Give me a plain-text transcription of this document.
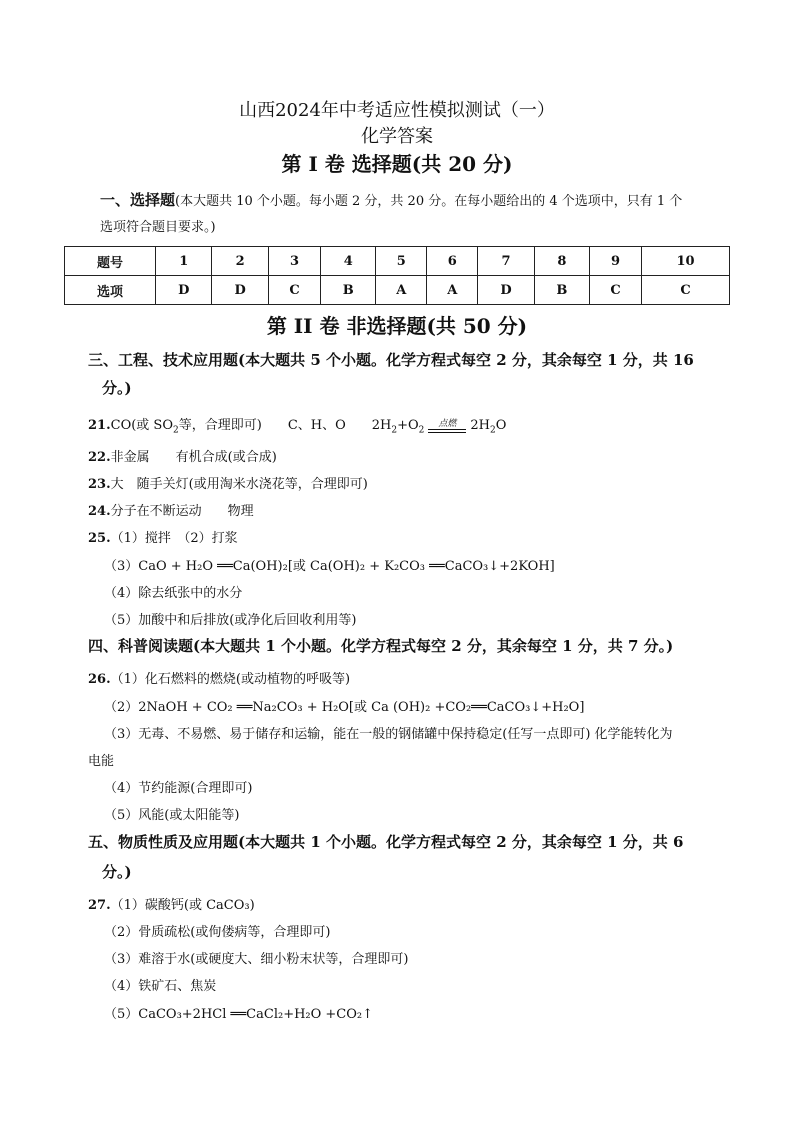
山西2024年中考适应性模拟测试（一）
化学答案
第 I 卷 选择题(共 20 分)
一、选择题(本大题共 10 个小题。每小题 2 分，共 20 分。在每小题给出的 4 个选项中，只有 1 个
选项符合题目要求。)
题号	1	2	3	4	5	6	7	8	9	10
选项	D	D	C	B	A	A	D	B	C	C
第 II 卷 非选择题(共 50 分)
三、工程、技术应用题(本大题共 5 个小题。化学方程式每空 2 分，其余每空 1 分，共 16
分。)
21.CO(或 $SO_2$等，合理即可) C、H、O $2H_2+O_2$
点燃	$2H_2O$
22.非金属　　有机合成(或合成)
23.大　随手关灯(或用淘米水浇花等，合理即可)
24.分子在不断运动　　物理
25.（1）搅拌　（2）打浆
（3）CaO + H₂O ══Ca(OH)₂[或 Ca(OH)₂ + K₂CO₃ ══CaCO₃↓+2KOH]
（4）除去纸张中的水分
（5）加酸中和后排放(或净化后回收利用等)
四、科普阅读题(本大题共 1 个小题。化学方程式每空 2 分，其余每空 1 分，共 7 分。)
26.（1）化石燃料的燃烧(或动植物的呼吸等)
（2）2NaOH + CO₂ ══Na₂CO₃ + H₂O[或 Ca (OH)₂ +CO₂══CaCO₃↓+H₂O]
（3）无毒、不易燃、易于储存和运输，能在一般的钢储罐中保持稳定(任写一点即可) 化学能转化为
电能
（4）节约能源(合理即可)
（5）风能(或太阳能等)
五、物质性质及应用题(本大题共 1 个小题。化学方程式每空 2 分，其余每空 1 分，共 6
分。)
27.（1）碳酸钙(或 CaCO₃)
（2）骨质疏松(或佝偻病等，合理即可)
（3）难溶于水(或硬度大、细小粉末状等，合理即可)
（4）铁矿石、焦炭
（5）CaCO₃+2HCl ══CaCl₂+H₂O +CO₂↑
